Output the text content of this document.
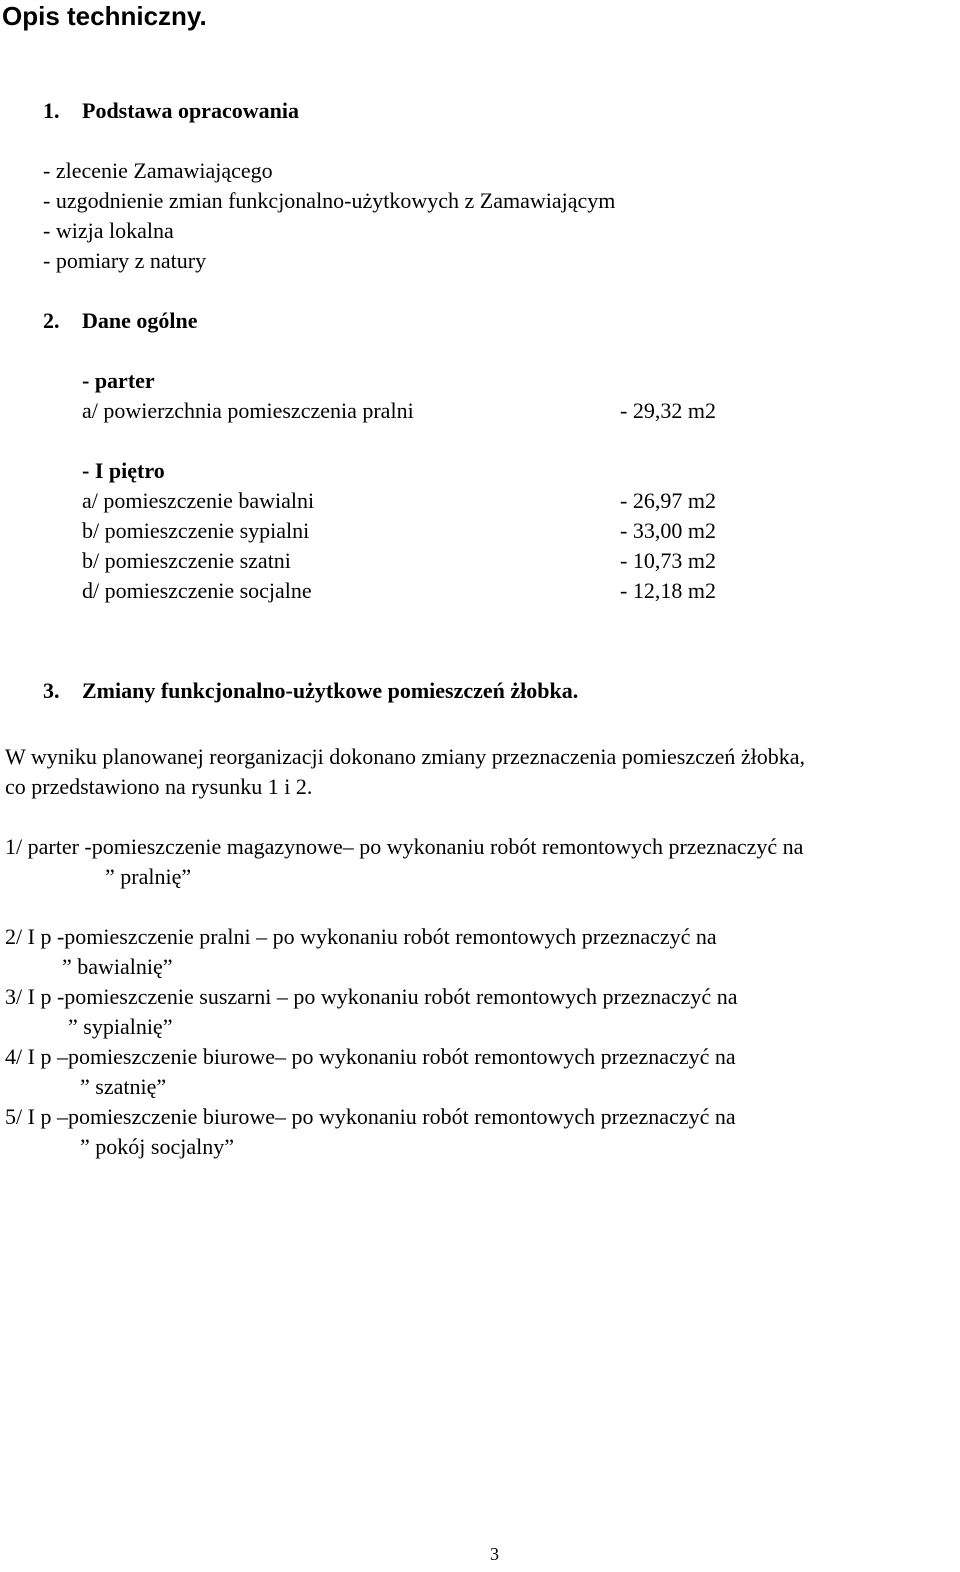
Opis techniczny.
1. Podstawa opracowania
- zlecenie Zamawiającego
- uzgodnienie zmian funkcjonalno-użytkowych z Zamawiającym
- wizja lokalna
- pomiary z natury
2. Dane ogólne
- parter
a/ powierzchnia pomieszczenia pralni	- 29,32 m2
- I piętro
a/ pomieszczenie bawialni	- 26,97 m2
b/ pomieszczenie sypialni	- 33,00 m2
b/ pomieszczenie szatni	- 10,73 m2
d/ pomieszczenie socjalne	- 12,18 m2
3. Zmiany funkcjonalno-użytkowe pomieszczeń żłobka.
W wyniku planowanej reorganizacji dokonano zmiany przeznaczenia pomieszczeń żłobka,
co przedstawiono na rysunku 1 i 2.
1/ parter -pomieszczenie magazynowe– po wykonaniu robót remontowych przeznaczyć na
” pralnię”
2/ I p -pomieszczenie pralni – po wykonaniu robót remontowych przeznaczyć na
” bawialnię”
3/ I p -pomieszczenie suszarni – po wykonaniu robót remontowych przeznaczyć na
” sypialnię”
4/ I p –pomieszczenie biurowe– po wykonaniu robót remontowych przeznaczyć na
” szatnię”
5/ I p –pomieszczenie biurowe– po wykonaniu robót remontowych przeznaczyć na
” pokój socjalny”
3
